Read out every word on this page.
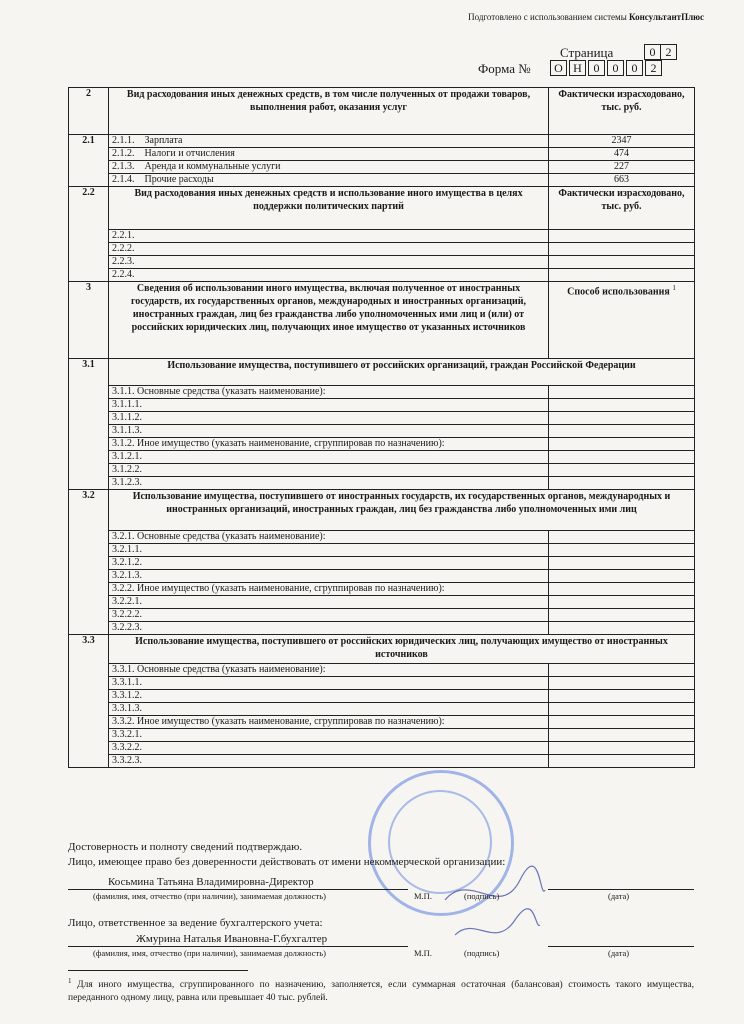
Подготовлено с использованием системы КонсультантПлюс
Страница	0 2
Форма №	О Н 0	0	0	2
2	Вид расходования иных денежных средств, в том числе полученных от продажи товаров, выполнения работ, оказания услуг	Фактически израсходовано, тыс. руб.
2.1	2.1.1. Зарплата	2347
	2.1.2. Налоги и отчисления	474
	2.1.3. Аренда и коммунальные услуги	227
	2.1.4. Прочие расходы	663
2.2	Вид расходования иных денежных средств и использование иного имущества в целях поддержки политических партий	Фактически израсходовано, тыс. руб.
	2.2.1.	
	2.2.2.	
	2.2.3.	
	2.2.4.	
3	Сведения об использовании иного имущества, включая полученное от иностранных государств, их государственных органов, международных и иностранных организаций, иностранных граждан, лиц без гражданства либо уполномоченных ими лиц и (или) от российских юридических лиц, получающих иное имущество от указанных источников	Способ использования $^1$
3.1	Использование имущества, поступившего от российских организаций, граждан Российской Федерации	
	3.1.1. Основные средства (указать наименование):	
	3.1.1.1.	
	3.1.1.2.	
	3.1.1.3.	
	3.1.2. Иное имущество (указать наименование, сгруппировав по назначению):	
	3.1.2.1.	
	3.1.2.2.	
	3.1.2.3.	
3.2	Использование имущества, поступившего от иностранных государств, их государственных органов, международных и иностранных организаций, иностранных граждан, лиц без гражданства либо уполномоченных ими лиц	
	3.2.1. Основные средства (указать наименование):	
	3.2.1.1.	
	3.2.1.2.	
	3.2.1.3.	
	3.2.2. Иное имущество (указать наименование, сгруппировав по назначению):	
	3.2.2.1.	
	3.2.2.2.	
	3.2.2.3.	
3.3	Использование имущества, поступившего от российских юридических лиц, получающих имущество от иностранных источников	
	3.3.1. Основные средства (указать наименование):	
	3.3.1.1.	
	3.3.1.2.	
	3.3.1.3.	
	3.3.2. Иное имущество (указать наименование, сгруппировав по назначению):	
	3.3.2.1.	
	3.3.2.2.	
	3.3.2.3.	
Достоверность и полноту сведений подтверждаю.
Лицо, имеющее право без доверенности действовать от имени некоммерческой организации:
Косьмина Татьяна Владимировна-Директор
(фамилия, имя, отчество (при наличии), занимаемая должность)	М.П.	(подпись)	(дата)
Лицо, ответственное за ведение бухгалтерского учета:
Жмурина Наталья Ивановна-Г.бухгалтер
(фамилия, имя, отчество (при наличии), занимаемая должность)	М.П.	(подпись)	(дата)
$^1$ Для иного имущества, сгруппированного по назначению, заполняется, если суммарная остаточная (балансовая) стоимость такого имущества, переданного одному лицу, равна или превышает 40 тыс. рублей.
